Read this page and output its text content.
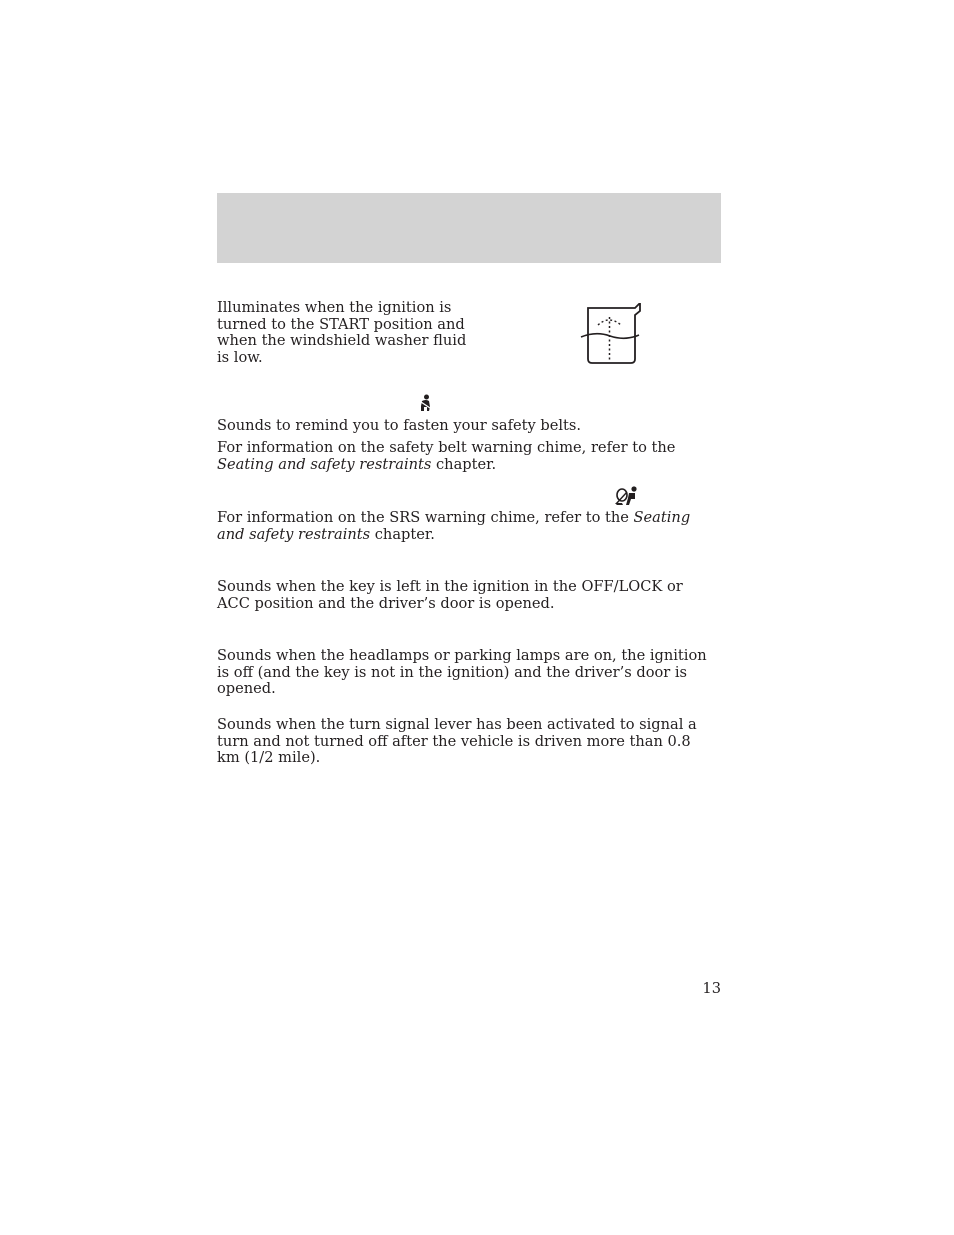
Illuminates when the ignition is turned to the START position and when the windshield washer fluid is low.

Sounds to remind you to fasten your safety belts.

For information on the safety belt warning chime, refer to the Seating and safety restraints chapter.

For information on the SRS warning chime, refer to the Seating and safety restraints chapter.

Sounds when the key is left in the ignition in the OFF/LOCK or ACC position and the driver’s door is opened.

Sounds when the headlamps or parking lamps are on, the ignition is off (and the key is not in the ignition) and the driver’s door is opened.

Sounds when the turn signal lever has been activated to signal a turn and not turned off after the vehicle is driven more than 0.8 km (1/2 mile).

13
